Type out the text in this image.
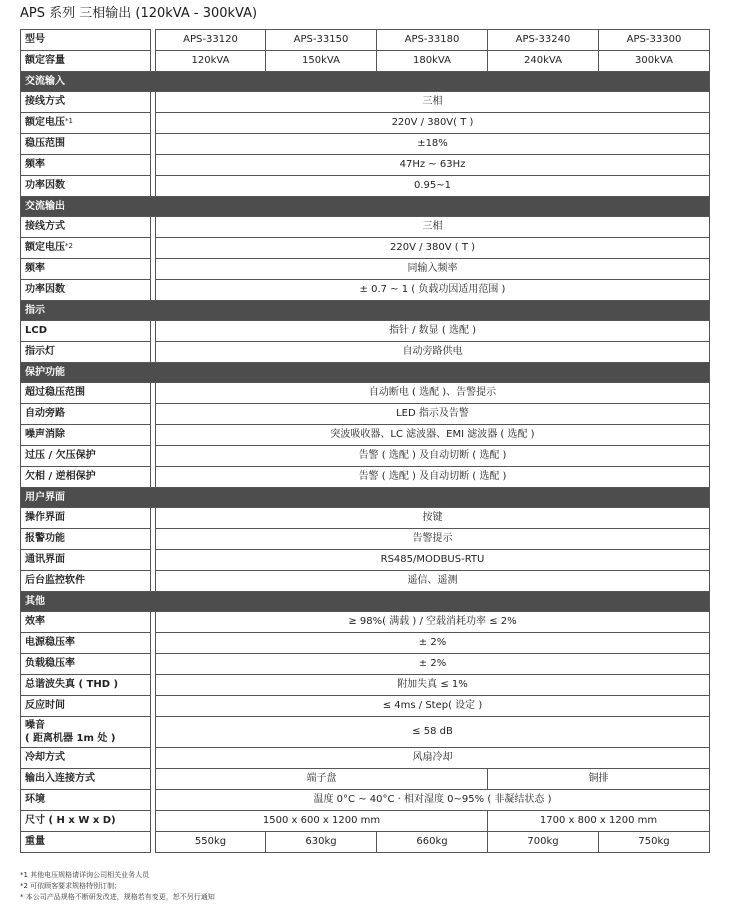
APS 系列 三相输出 (120kVA - 300kVA)
型号		APS-33120	APS-33150	APS-33180	APS-33240	APS-33300
额定容量		120kVA	150kVA	180kVA	240kVA	300kVA
交流输入						
接线方式		三相				
额定电压$^{*1}$		220V / 380V( T )				
稳压范围		±18%				
频率		47Hz ~ 63Hz				
功率因数		0.95~1				
交流输出						
接线方式		三相				
额定电压$^{*2}$		220V / 380V ( T )				
频率		同输入频率				
功率因数		± 0.7 ~ 1 ( 负载功因适用范围 )				
指示						
LCD		指针 / 数显 ( 选配 )				
指示灯		自动旁路供电				
保护功能						
超过稳压范围		自动断电 ( 选配 )、告警提示				
自动旁路		LED 指示及告警				
噪声消除		突波吸收器、LC 滤波器、EMI 滤波器 ( 选配 )				
过压 / 欠压保护		告警 ( 选配 ) 及自动切断 ( 选配 )				
欠相 / 逆相保护		告警 ( 选配 ) 及自动切断 ( 选配 )				
用户界面						
操作界面		按键				
报警功能		告警提示				
通讯界面		RS485/MODBUS-RTU				
后台监控软件		遥信、遥测				
其他						
效率		≥ 98%( 满载 ) / 空载消耗功率 ≤ 2%				
电源稳压率		± 2%				
负载稳压率		± 2%				
总谐波失真 ( THD )		附加失真 ≤ 1%				
反应时间		≤ 4ms / Step( 设定 )				
噪音
( 距离机器 1m 处 )		≤ 58 dB				
冷却方式		风扇冷却				
输出入连接方式		端子盘			铜排	
环境		温度 0°C ~ 40°C · 相对湿度 0~95% ( 非凝结状态 )				
尺寸 ( H x W x D)		1500 x 600 x 1200 mm			1700 x 800 x 1200 mm	
重量		550kg	630kg	660kg	700kg	750kg
*1 其他电压规格请详询公司相关业务人员
*2 可依顾客要求规格特别订制；
* 本公司产品规格不断研发改进，规格若有变更，恕不另行通知
